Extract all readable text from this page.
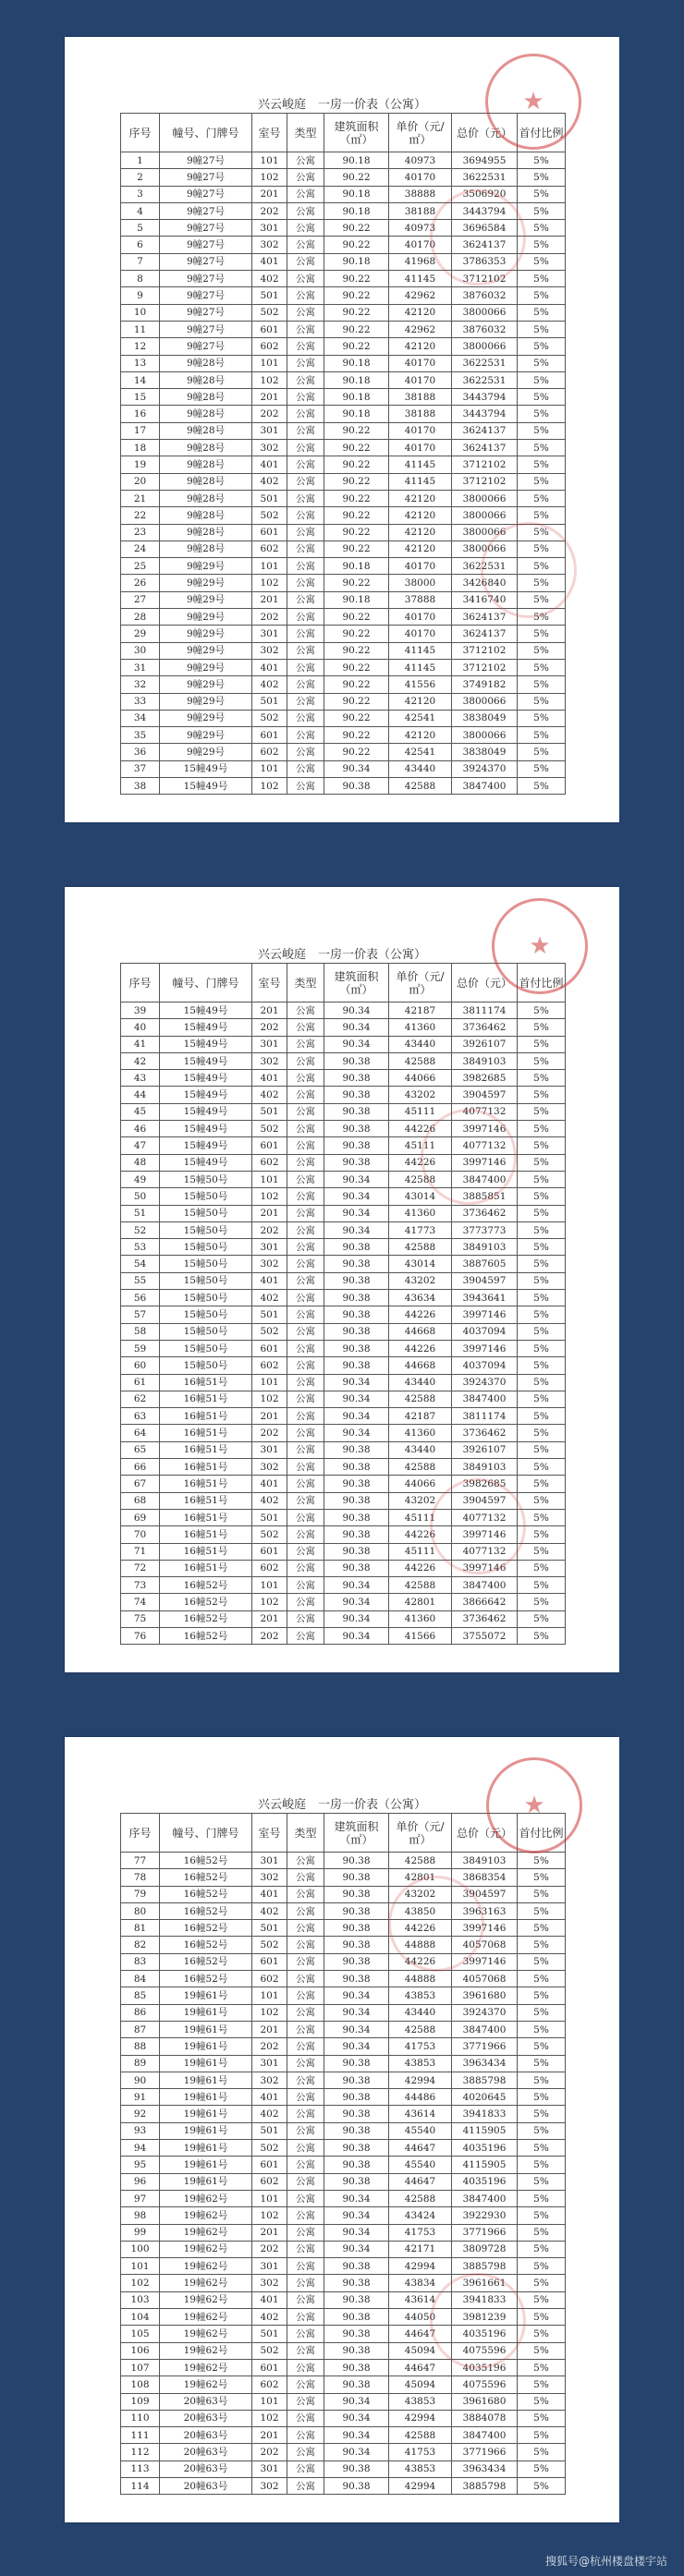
兴云峻庭　一房一价表（公寓）
序号	幢号、门牌号	室号	类型	建筑面积（㎡）	单价（元/㎡）	总价（元）	首付比例
1	9幢27号	101	公寓	90.18	40973	3694955	5%
2	9幢27号	102	公寓	90.22	40170	3622531	5%
3	9幢27号	201	公寓	90.18	38888	3506920	5%
4	9幢27号	202	公寓	90.18	38188	3443794	5%
5	9幢27号	301	公寓	90.22	40973	3696584	5%
6	9幢27号	302	公寓	90.22	40170	3624137	5%
7	9幢27号	401	公寓	90.18	41968	3786353	5%
8	9幢27号	402	公寓	90.22	41145	3712102	5%
9	9幢27号	501	公寓	90.22	42962	3876032	5%
10	9幢27号	502	公寓	90.22	42120	3800066	5%
11	9幢27号	601	公寓	90.22	42962	3876032	5%
12	9幢27号	602	公寓	90.22	42120	3800066	5%
13	9幢28号	101	公寓	90.18	40170	3622531	5%
14	9幢28号	102	公寓	90.18	40170	3622531	5%
15	9幢28号	201	公寓	90.18	38188	3443794	5%
16	9幢28号	202	公寓	90.18	38188	3443794	5%
17	9幢28号	301	公寓	90.22	40170	3624137	5%
18	9幢28号	302	公寓	90.22	40170	3624137	5%
19	9幢28号	401	公寓	90.22	41145	3712102	5%
20	9幢28号	402	公寓	90.22	41145	3712102	5%
21	9幢28号	501	公寓	90.22	42120	3800066	5%
22	9幢28号	502	公寓	90.22	42120	3800066	5%
23	9幢28号	601	公寓	90.22	42120	3800066	5%
24	9幢28号	602	公寓	90.22	42120	3800066	5%
25	9幢29号	101	公寓	90.18	40170	3622531	5%
26	9幢29号	102	公寓	90.22	38000	3426840	5%
27	9幢29号	201	公寓	90.18	37888	3416740	5%
28	9幢29号	202	公寓	90.22	40170	3624137	5%
29	9幢29号	301	公寓	90.22	40170	3624137	5%
30	9幢29号	302	公寓	90.22	41145	3712102	5%
31	9幢29号	401	公寓	90.22	41145	3712102	5%
32	9幢29号	402	公寓	90.22	41556	3749182	5%
33	9幢29号	501	公寓	90.22	42120	3800066	5%
34	9幢29号	502	公寓	90.22	42541	3838049	5%
35	9幢29号	601	公寓	90.22	42120	3800066	5%
36	9幢29号	602	公寓	90.22	42541	3838049	5%
37	15幢49号	101	公寓	90.34	43440	3924370	5%
38	15幢49号	102	公寓	90.38	42588	3847400	5%
★
兴云峻庭　一房一价表（公寓）
序号	幢号、门牌号	室号	类型	建筑面积（㎡）	单价（元/㎡）	总价（元）	首付比例
39	15幢49号	201	公寓	90.34	42187	3811174	5%
40	15幢49号	202	公寓	90.34	41360	3736462	5%
41	15幢49号	301	公寓	90.34	43440	3926107	5%
42	15幢49号	302	公寓	90.38	42588	3849103	5%
43	15幢49号	401	公寓	90.38	44066	3982685	5%
44	15幢49号	402	公寓	90.38	43202	3904597	5%
45	15幢49号	501	公寓	90.38	45111	4077132	5%
46	15幢49号	502	公寓	90.38	44226	3997146	5%
47	15幢49号	601	公寓	90.38	45111	4077132	5%
48	15幢49号	602	公寓	90.38	44226	3997146	5%
49	15幢50号	101	公寓	90.34	42588	3847400	5%
50	15幢50号	102	公寓	90.34	43014	3885851	5%
51	15幢50号	201	公寓	90.34	41360	3736462	5%
52	15幢50号	202	公寓	90.34	41773	3773773	5%
53	15幢50号	301	公寓	90.38	42588	3849103	5%
54	15幢50号	302	公寓	90.38	43014	3887605	5%
55	15幢50号	401	公寓	90.38	43202	3904597	5%
56	15幢50号	402	公寓	90.38	43634	3943641	5%
57	15幢50号	501	公寓	90.38	44226	3997146	5%
58	15幢50号	502	公寓	90.38	44668	4037094	5%
59	15幢50号	601	公寓	90.38	44226	3997146	5%
60	15幢50号	602	公寓	90.38	44668	4037094	5%
61	16幢51号	101	公寓	90.34	43440	3924370	5%
62	16幢51号	102	公寓	90.34	42588	3847400	5%
63	16幢51号	201	公寓	90.34	42187	3811174	5%
64	16幢51号	202	公寓	90.34	41360	3736462	5%
65	16幢51号	301	公寓	90.38	43440	3926107	5%
66	16幢51号	302	公寓	90.38	42588	3849103	5%
67	16幢51号	401	公寓	90.38	44066	3982685	5%
68	16幢51号	402	公寓	90.38	43202	3904597	5%
69	16幢51号	501	公寓	90.38	45111	4077132	5%
70	16幢51号	502	公寓	90.38	44226	3997146	5%
71	16幢51号	601	公寓	90.38	45111	4077132	5%
72	16幢51号	602	公寓	90.38	44226	3997146	5%
73	16幢52号	101	公寓	90.34	42588	3847400	5%
74	16幢52号	102	公寓	90.34	42801	3866642	5%
75	16幢52号	201	公寓	90.34	41360	3736462	5%
76	16幢52号	202	公寓	90.34	41566	3755072	5%
★
兴云峻庭　一房一价表（公寓）
序号	幢号、门牌号	室号	类型	建筑面积（㎡）	单价（元/㎡）	总价（元）	首付比例
77	16幢52号	301	公寓	90.38	42588	3849103	5%
78	16幢52号	302	公寓	90.38	42801	3868354	5%
79	16幢52号	401	公寓	90.38	43202	3904597	5%
80	16幢52号	402	公寓	90.38	43850	3963163	5%
81	16幢52号	501	公寓	90.38	44226	3997146	5%
82	16幢52号	502	公寓	90.38	44888	4057068	5%
83	16幢52号	601	公寓	90.38	44226	3997146	5%
84	16幢52号	602	公寓	90.38	44888	4057068	5%
85	19幢61号	101	公寓	90.34	43853	3961680	5%
86	19幢61号	102	公寓	90.34	43440	3924370	5%
87	19幢61号	201	公寓	90.34	42588	3847400	5%
88	19幢61号	202	公寓	90.34	41753	3771966	5%
89	19幢61号	301	公寓	90.38	43853	3963434	5%
90	19幢61号	302	公寓	90.38	42994	3885798	5%
91	19幢61号	401	公寓	90.38	44486	4020645	5%
92	19幢61号	402	公寓	90.38	43614	3941833	5%
93	19幢61号	501	公寓	90.38	45540	4115905	5%
94	19幢61号	502	公寓	90.38	44647	4035196	5%
95	19幢61号	601	公寓	90.38	45540	4115905	5%
96	19幢61号	602	公寓	90.38	44647	4035196	5%
97	19幢62号	101	公寓	90.34	42588	3847400	5%
98	19幢62号	102	公寓	90.34	43424	3922930	5%
99	19幢62号	201	公寓	90.34	41753	3771966	5%
100	19幢62号	202	公寓	90.34	42171	3809728	5%
101	19幢62号	301	公寓	90.38	42994	3885798	5%
102	19幢62号	302	公寓	90.38	43834	3961661	5%
103	19幢62号	401	公寓	90.38	43614	3941833	5%
104	19幢62号	402	公寓	90.38	44050	3981239	5%
105	19幢62号	501	公寓	90.38	44647	4035196	5%
106	19幢62号	502	公寓	90.38	45094	4075596	5%
107	19幢62号	601	公寓	90.38	44647	4035196	5%
108	19幢62号	602	公寓	90.38	45094	4075596	5%
109	20幢63号	101	公寓	90.34	43853	3961680	5%
110	20幢63号	102	公寓	90.34	42994	3884078	5%
111	20幢63号	201	公寓	90.34	42588	3847400	5%
112	20幢63号	202	公寓	90.34	41753	3771966	5%
113	20幢63号	301	公寓	90.38	43853	3963434	5%
114	20幢63号	302	公寓	90.38	42994	3885798	5%
★
搜狐号@杭州楼盘楼宇站
